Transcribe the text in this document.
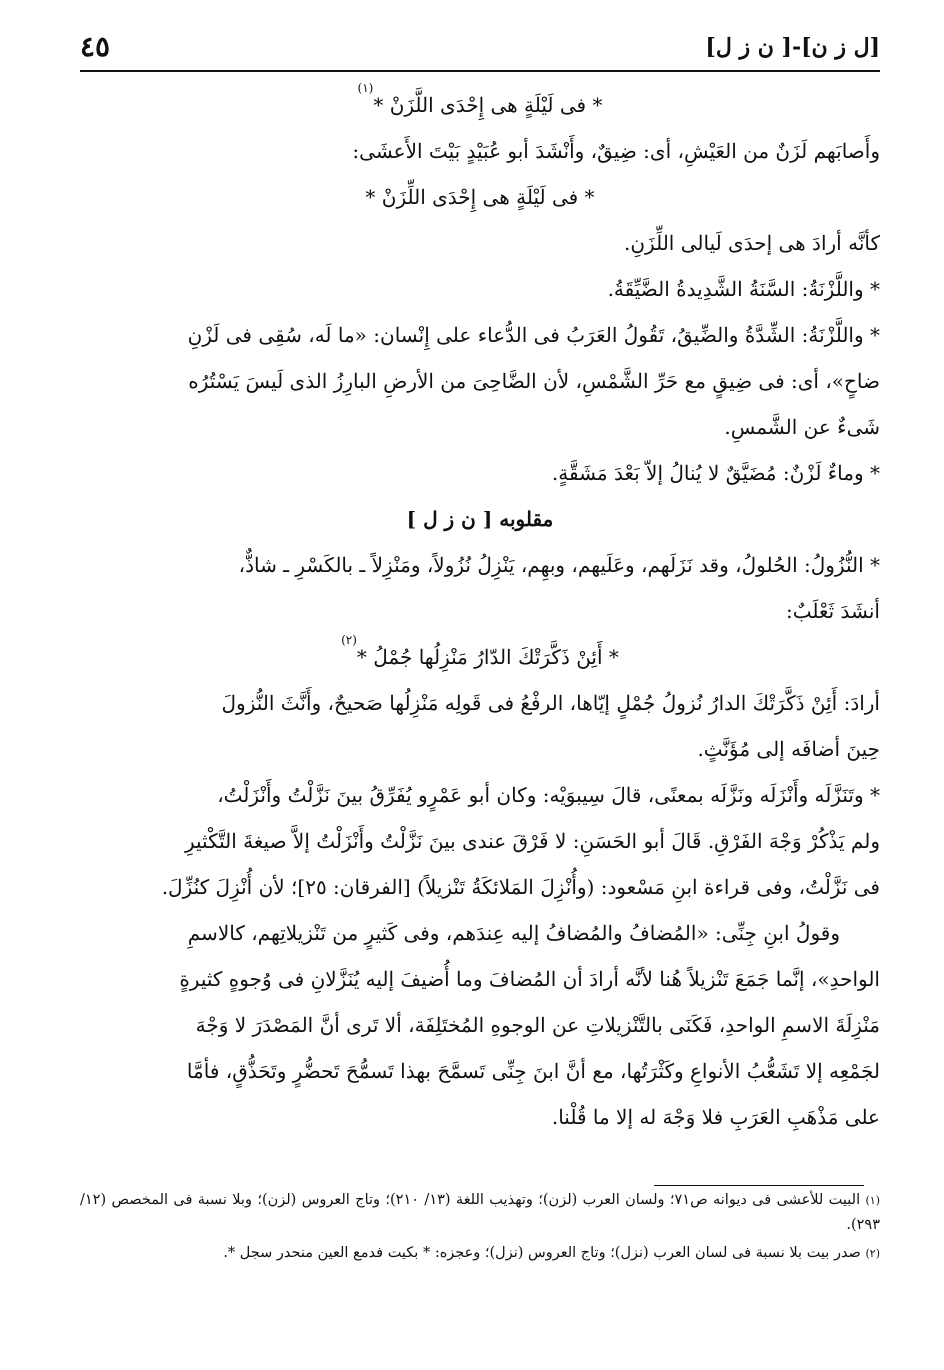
[ل ز ن]-[ ن ز ل]
٤٥

* فى لَيْلَةٍ هى إِحْدَى اللَّزَنْ *$^{(١)}$

وأَصابَهم لَزَنٌ من العَيْشِ، أى: ضِيقٌ، وأَنْشَدَ أبو عُبَيْدٍ بَيْتَ الأَعشَى:

* فى لَيْلَةٍ هى إِحْدَى اللِّزَنْ *

كأنَّه أرادَ هى إحدَى لَيالى اللِّزَنِ.

* واللَّزْنَةُ: السَّنَةُ الشَّدِيدةُ الضَّيِّقَةُ.

* واللَّزْنَةُ: الشِّدَّةُ والضِّيقُ، تَقُولُ العَرَبُ فى الدُّعاء على إِنْسان: «ما لَه، سُقِى فى لَزْنِ

ضاحٍ»، أى: فى ضِيقٍ مع حَرِّ الشَّمْسِ، لأن الضَّاحِىَ من الأرضِ البارِزُ الذى لَيسَ يَسْتُرُه

شَىءٌ عن الشَّمسِ.

* وماءٌ لَزْنٌ: مُضَيَّقٌ لا يُنالُ إلاّ بَعْدَ مَشَقَّةٍ.

مقلوبه [ ن ز ل ]

* النُّزُولُ: الحُلولُ، وقد نَزَلَهم، وعَلَيهم، وبهِم، يَنْزِلُ نُزُولاً، ومَنْزِلاً ـ بالكَسْرِ ـ شاذٌّ،

أنشَدَ ثَعْلَبٌ:

* أَئِنْ ذَكَّرَتْكَ الدّارُ مَنْزِلُها جُمْلُ *$^{(٢)}$

أرادَ: أَئِنْ ذَكَّرَتْكَ الدارُ نُزولُ جُمْلٍ إيّاها، الرفْعُ فى قَولِه مَنْزِلُها صَحيحٌ، وأَنَّثَ النُّزولَ

حِينَ أضافَه إلى مُؤَنَّثٍ.

* وتَنَزَّلَه وأَنْزَلَه ونَزَّلَه بمعنًى، قالَ سِيبوَيْه: وكان أبو عَمْرٍو يُفَرِّقُ بينَ نَزَّلْتُ وأَنْزَلْتُ،

ولم يَذْكُرْ وَجْهَ الفَرْقِ. قَالَ أبو الحَسَنِ: لا فَرْقَ عندى بينَ نَزَّلْتُ وأَنْزَلْتُ إلاَّ صيغةَ التَّكْثيرِ

فى نَزَّلْتُ، وفى قراءة ابنِ مَسْعود: (وأُنْزِلَ المَلائكَةُ تَنْزيلاً) [الفرقان: ٢٥]؛ لأن أُنْزِلَ كنُزِّلَ.

وقولُ ابنِ جِنِّى: «المُضافُ والمُضافُ إليه عِندَهم، وفى كَثيرٍ من تَنْزيلاتِهم، كالاسمِ

الواحدِ»، إنَّما جَمَعَ تَنْزيلاً هُنا لأنَّه أرادَ أن المُضافَ وما أُضيفَ إليه يُنَزَّلانِ فى وُجوهٍ كثيرةٍ

مَنْزِلَةَ الاسمِ الواحدِ، فَكَنَى بالتَّنْزيلاتِ عن الوجوهِ المُختَلِفَة، ألا تَرى أنَّ المَصْدَرَ لا وَجْهَ

لجَمْعِه إلا تَشَعُّبُ الأنواعِ وكَثْرَتُها، مع أنَّ ابنَ جِنِّى تَسمَّحَ بهذا تَسمُّحَ تَحضُّرٍ وتَحَذُّقٍ، فأمَّا

على مَذْهَبِ العَرَبِ فلا وَجْهَ له إلا ما قُلْنا.

$^{(١)}$ البيت للأعشى فى ديوانه ص٧١؛ ولسان العرب (لزن)؛ وتهذيب اللغة (١٣/ ٢١٠)؛ وتاج العروس (لزن)؛ وبلا نسبة فى المخصص (١٢/ ٢٩٣).

$^{(٢)}$ صدر بيت بلا نسبة فى لسان العرب (نزل)؛ وتاج العروس (نزل)؛ وعجزه: * بكيت فدمع العين منحدر سجل *.
